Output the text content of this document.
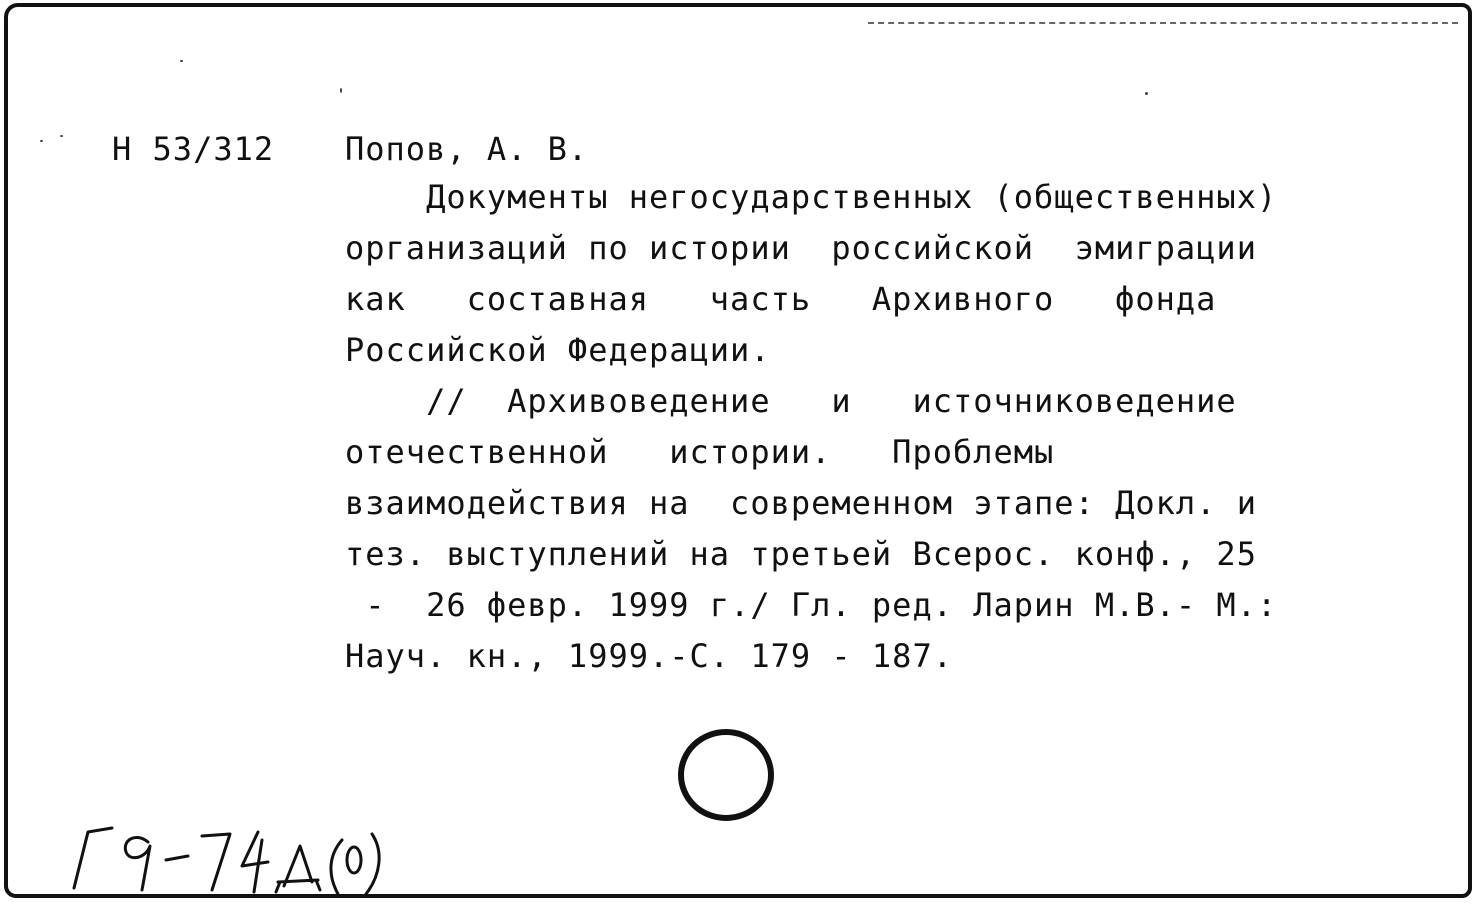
Н 53/312 Попов, А. В.
Документы негосударственных (общественных)
организаций по истории  российской  эмиграции
как   составная   часть   Архивного   фонда
Российской Федерации.
//  Архивоведение   и   источниковедение
отечественной   истории.   Проблемы
взаимодействия на  современном этапе: Докл. и
тез. выступлений на третьей Всерос. конф., 25
-  26 февр. 1999 г./ Гл. ред. Ларин М.В.- М.:
Науч. кн., 1999.-С. 179 - 187.
